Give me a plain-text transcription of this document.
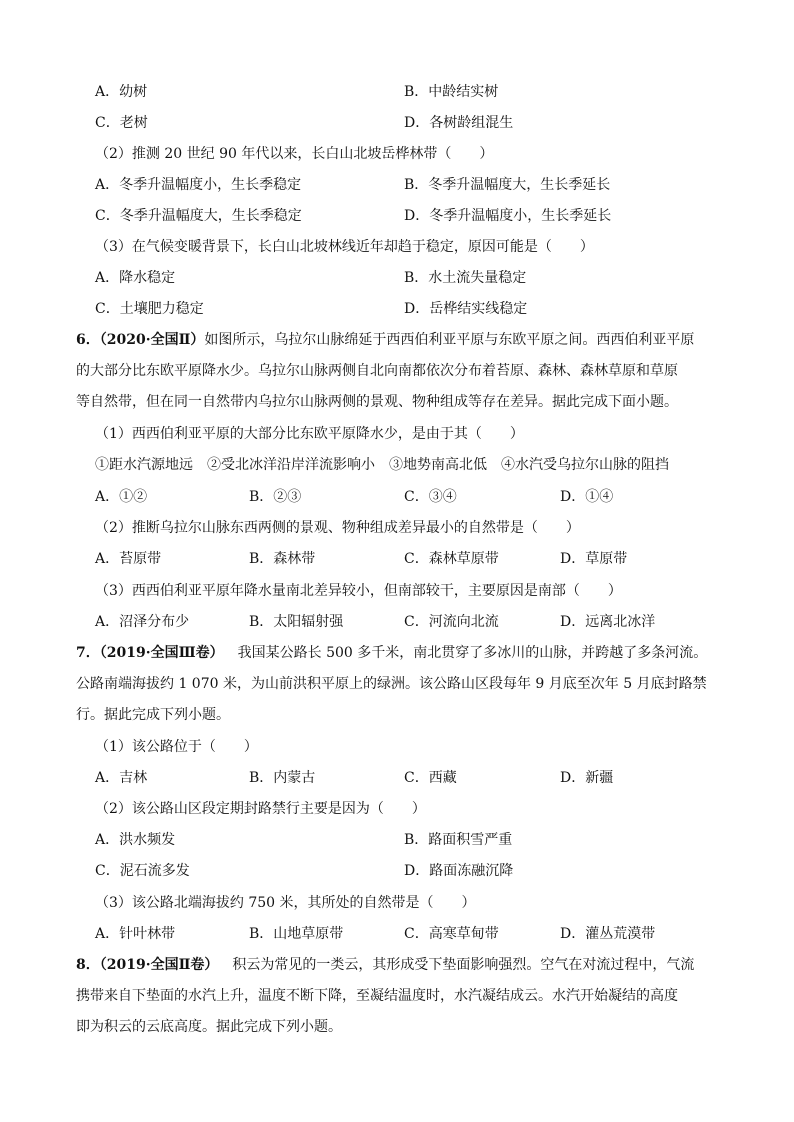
A．幼树	B．中龄结实树
C．老树	D．各树龄组混生
（2）推测 20 世纪 90 年代以来，长白山北坡岳桦林带（　　）
A．冬季升温幅度小，生长季稳定	B．冬季升温幅度大，生长季延长
C．冬季升温幅度大，生长季稳定	D．冬季升温幅度小，生长季延长
（3）在气候变暖背景下，长白山北坡林线近年却趋于稳定，原因可能是（　　）
A．降水稳定	B．水土流失量稳定
C．土壤肥力稳定	D．岳桦结实线稳定
6．（2020·全国Ⅱ）如图所示，乌拉尔山脉绵延于西西伯利亚平原与东欧平原之间。西西伯利亚平原
的大部分比东欧平原降水少。乌拉尔山脉两侧自北向南都依次分布着苔原、森林、森林草原和草原
等自然带，但在同一自然带内乌拉尔山脉两侧的景观、物种组成等存在差异。据此完成下面小题。
（1）西西伯利亚平原的大部分比东欧平原降水少，是由于其（　　）
①距水汽源地远　②受北冰洋沿岸洋流影响小　③地势南高北低　④水汽受乌拉尔山脉的阻挡
A．①②	B．②③	C．③④	D．①④
（2）推断乌拉尔山脉东西两侧的景观、物种组成差异最小的自然带是（　　）
A．苔原带	B．森林带	C．森林草原带	D．草原带
（3）西西伯利亚平原年降水量南北差异较小，但南部较干，主要原因是南部（　　）
A．沼泽分布少	B．太阳辐射强	C．河流向北流	D．远离北冰洋
7．（2019·全国Ⅲ卷） 我国某公路长 500 多千米，南北贯穿了多冰川的山脉，并跨越了多条河流。
公路南端海拔约 1 070 米，为山前洪积平原上的绿洲。该公路山区段每年 9 月底至次年 5 月底封路禁
行。据此完成下列小题。
（1）该公路位于（　　）
A．吉林	B．内蒙古	C．西藏	D．新疆
（2）该公路山区段定期封路禁行主要是因为（　　）
A．洪水频发	B．路面积雪严重
C．泥石流多发	D．路面冻融沉降
（3）该公路北端海拔约 750 米，其所处的自然带是（　　）
A．针叶林带	B．山地草原带	C．高寒草甸带	D．灌丛荒漠带
8．（2019·全国Ⅱ卷） 积云为常见的一类云，其形成受下垫面影响强烈。空气在对流过程中，气流
携带来自下垫面的水汽上升，温度不断下降，至凝结温度时，水汽凝结成云。水汽开始凝结的高度
即为积云的云底高度。据此完成下列小题。
